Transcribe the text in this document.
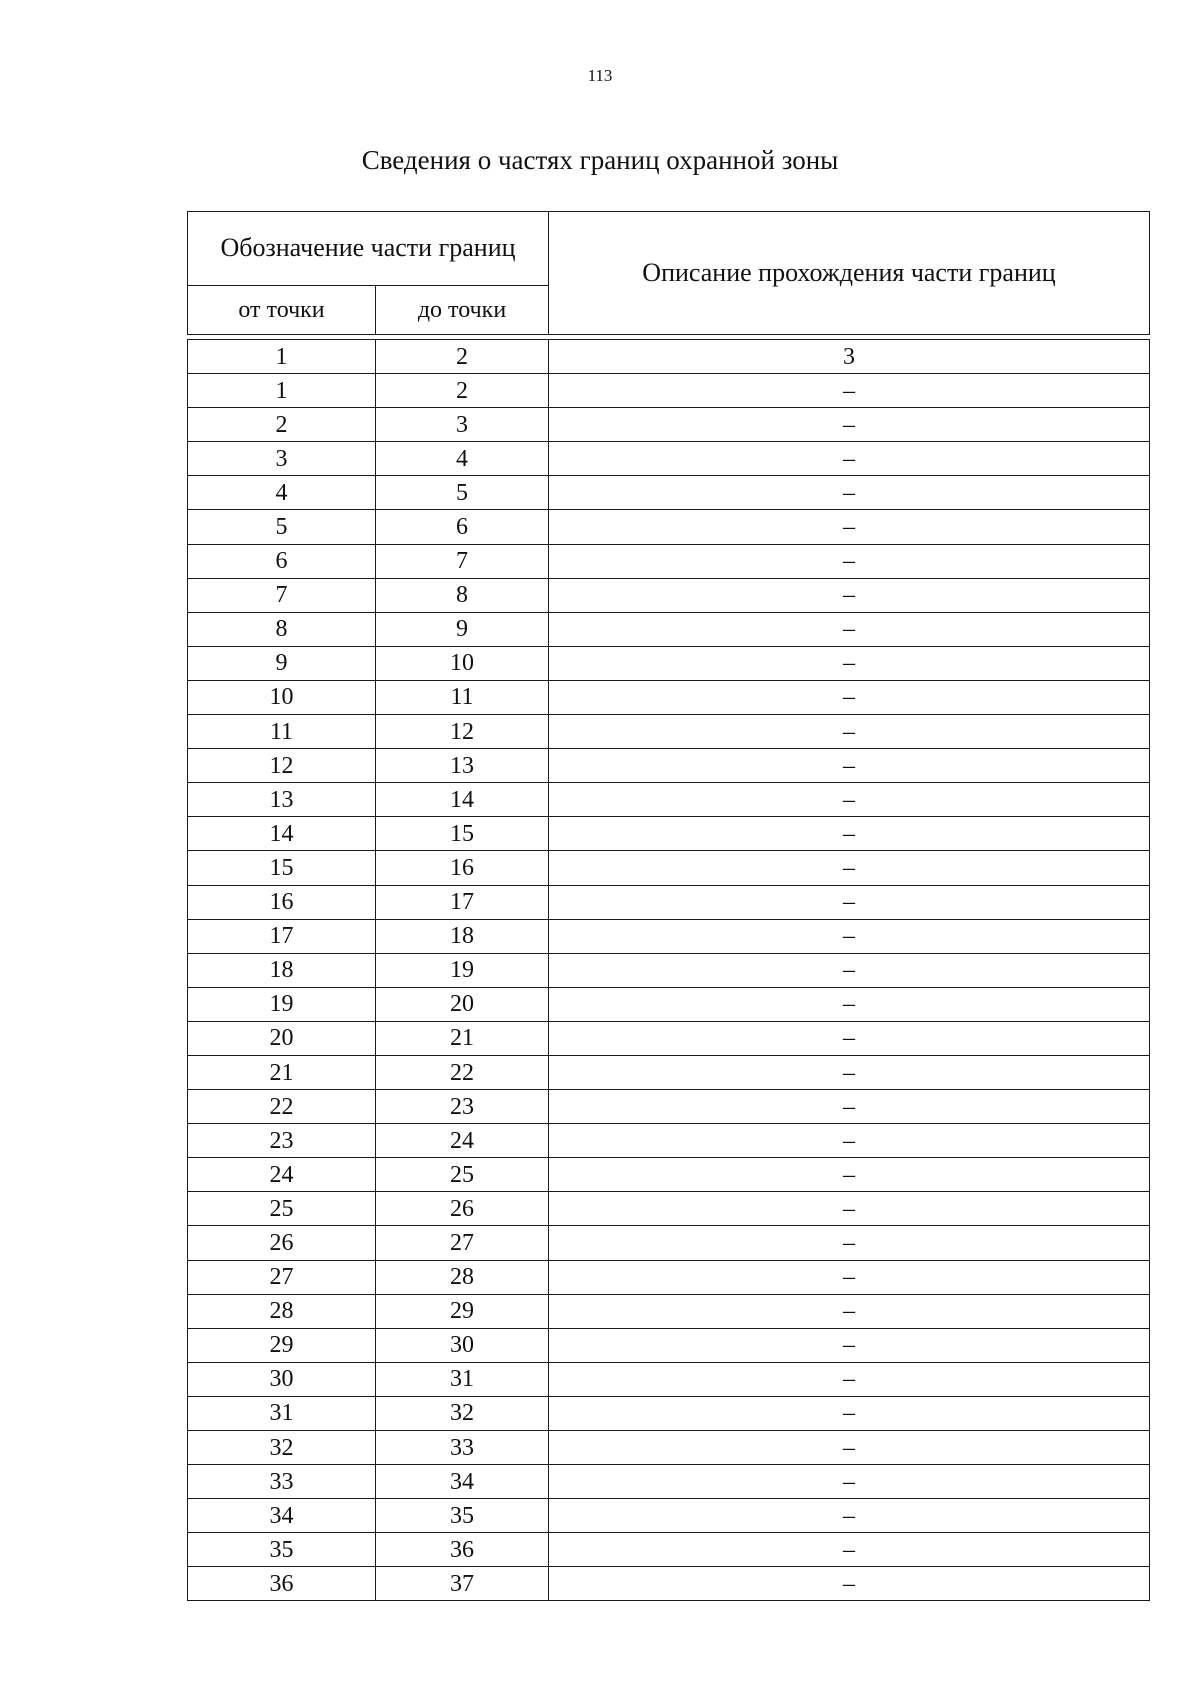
113
Сведения о частях границ охранной зоны
Обозначение части границ		Описание прохождения части границ
от точки	до точки	
1	2	3
1	2	–
2	3	–
3	4	–
4	5	–
5	6	–
6	7	–
7	8	–
8	9	–
9	10	–
10	11	–
11	12	–
12	13	–
13	14	–
14	15	–
15	16	–
16	17	–
17	18	–
18	19	–
19	20	–
20	21	–
21	22	–
22	23	–
23	24	–
24	25	–
25	26	–
26	27	–
27	28	–
28	29	–
29	30	–
30	31	–
31	32	–
32	33	–
33	34	–
34	35	–
35	36	–
36	37	–
